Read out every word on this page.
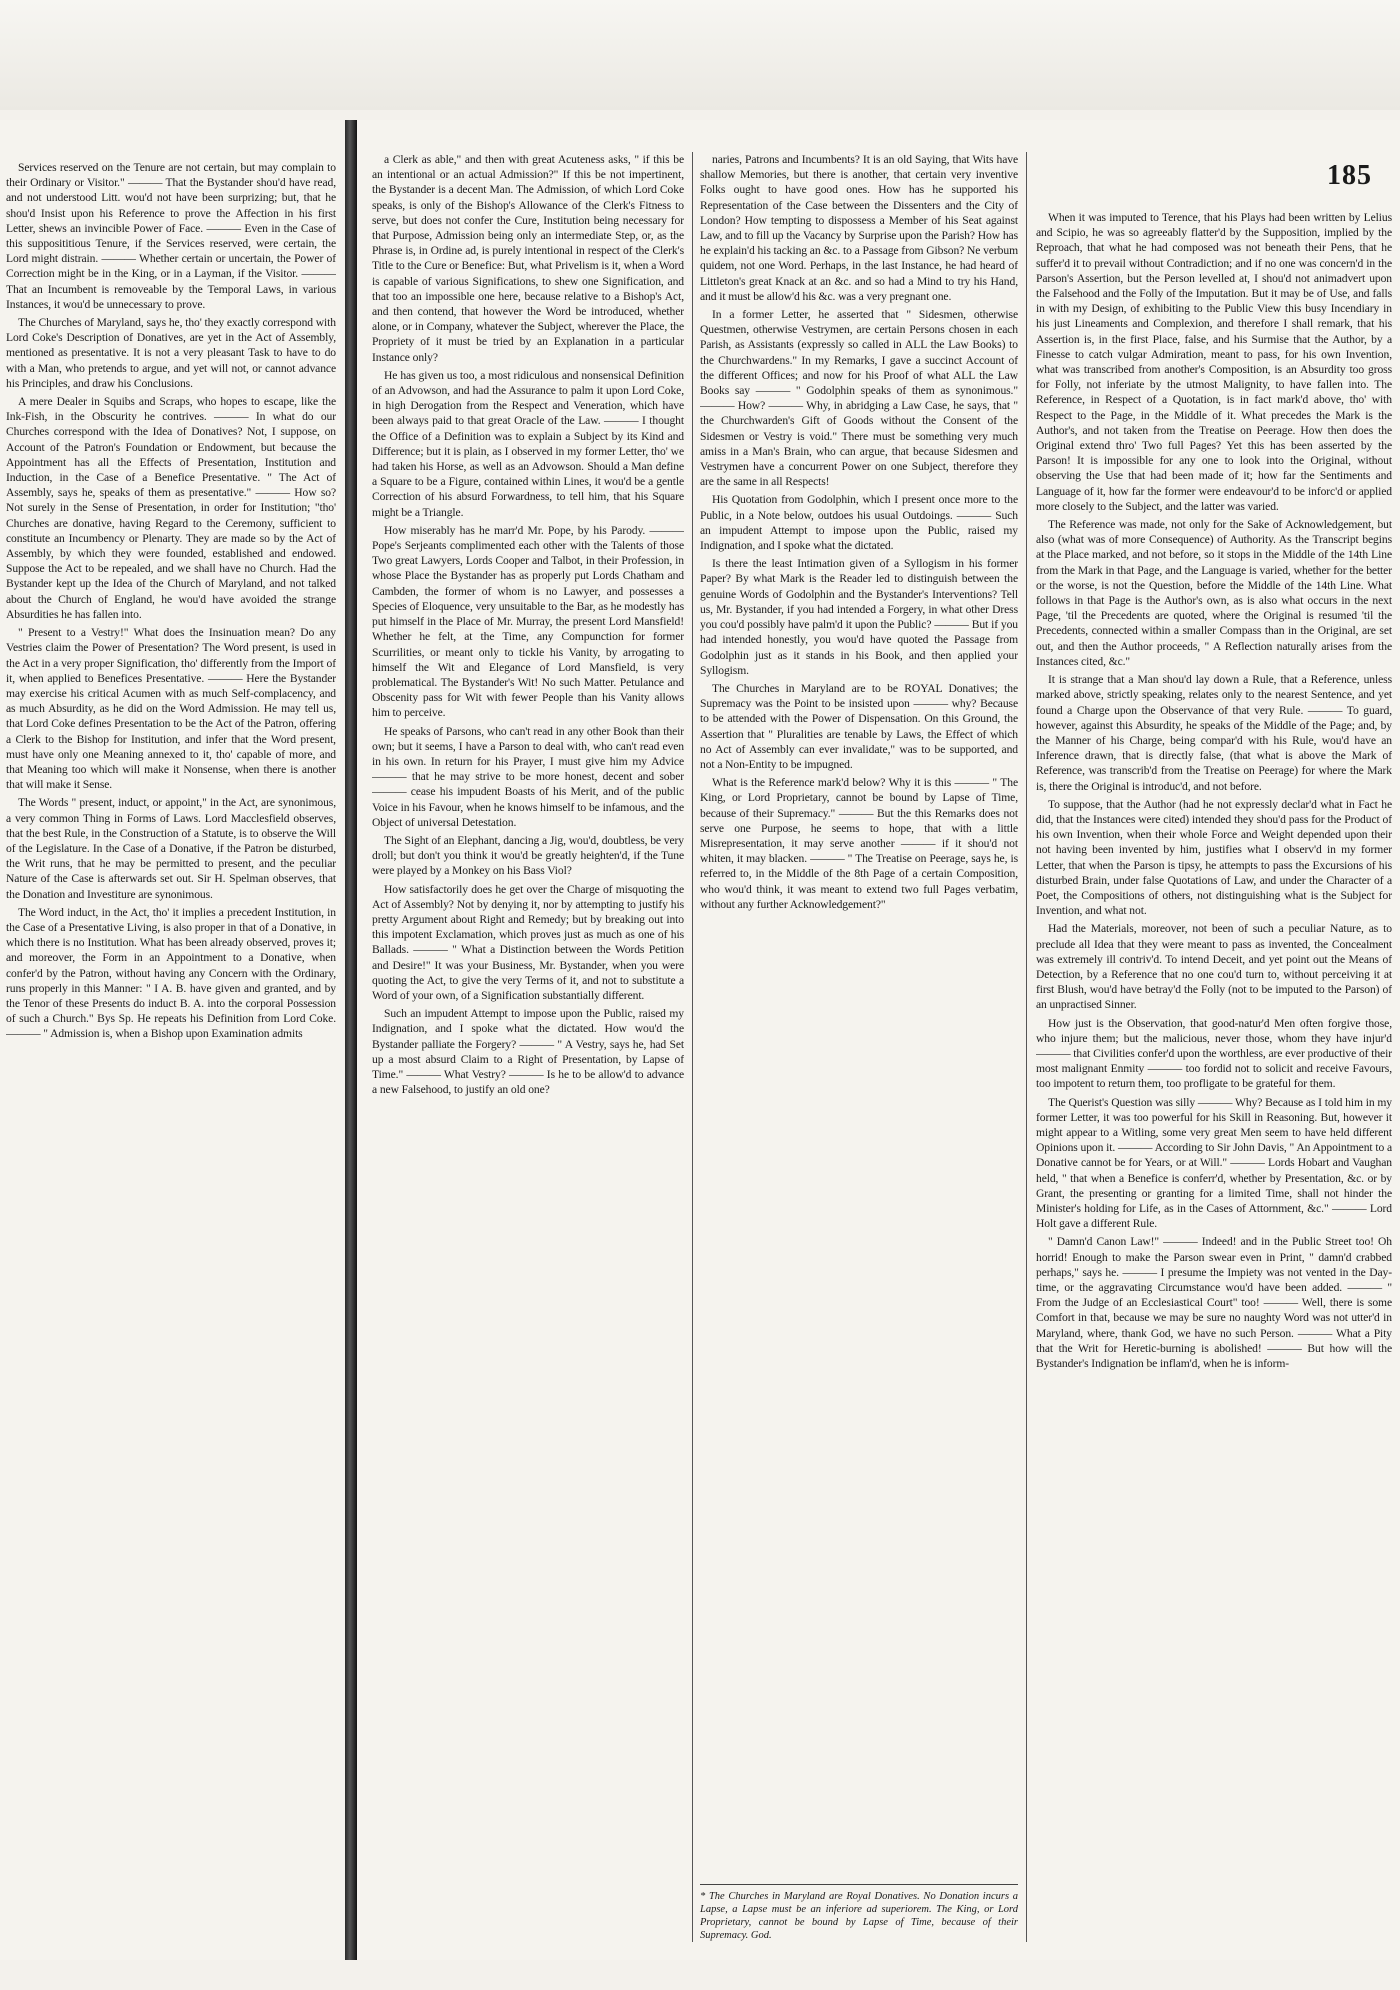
185

Services reserved on the Tenure are not certain, but may complain to their Ordinary or Visitor." ——— That the Bystander shou'd have read, and not understood Litt. wou'd not have been surprizing; but, that he shou'd Insist upon his Reference to prove the Affection in his first Letter, shews an invincible Power of Face. ——— Even in the Case of this supposititious Tenure, if the Services reserved, were certain, the Lord might distrain. ——— Whether certain or uncertain, the Power of Correction might be in the King, or in a Layman, if the Visitor. ——— That an Incumbent is removeable by the Temporal Laws, in various Instances, it wou'd be unnecessary to prove.

The Churches of Maryland, says he, tho' they exactly correspond with Lord Coke's Description of Donatives, are yet in the Act of Assembly, mentioned as presentative. It is not a very pleasant Task to have to do with a Man, who pretends to argue, and yet will not, or cannot advance his Principles, and draw his Conclusions.

A mere Dealer in Squibs and Scraps, who hopes to escape, like the Ink-Fish, in the Obscurity he contrives. ——— In what do our Churches correspond with the Idea of Donatives? Not, I suppose, on Account of the Patron's Foundation or Endowment, but because the Appointment has all the Effects of Presentation, Institution and Induction, in the Case of a Benefice Presentative. " The Act of Assembly, says he, speaks of them as presentative." ——— How so? Not surely in the Sense of Presentation, in order for Institution; "tho' Churches are donative, having Regard to the Ceremony, sufficient to constitute an Incumbency or Plenarty. They are made so by the Act of Assembly, by which they were founded, established and endowed. Suppose the Act to be repealed, and we shall have no Church. Had the Bystander kept up the Idea of the Church of Maryland, and not talked about the Church of England, he wou'd have avoided the strange Absurdities he has fallen into.

" Present to a Vestry!" What does the Insinuation mean? Do any Vestries claim the Power of Presentation? The Word present, is used in the Act in a very proper Signification, tho' differently from the Import of it, when applied to Benefices Presentative. ——— Here the Bystander may exercise his critical Acumen with as much Self-complacency, and as much Absurdity, as he did on the Word Admission. He may tell us, that Lord Coke defines Presentation to be the Act of the Patron, offering a Clerk to the Bishop for Institution, and infer that the Word present, must have only one Meaning annexed to it, tho' capable of more, and that Meaning too which will make it Nonsense, when there is another that will make it Sense.

The Words " present, induct, or appoint," in the Act, are synonimous, a very common Thing in Forms of Laws. Lord Macclesfield observes, that the best Rule, in the Construction of a Statute, is to observe the Will of the Legislature. In the Case of a Donative, if the Patron be disturbed, the Writ runs, that he may be permitted to present, and the peculiar Nature of the Case is afterwards set out. Sir H. Spelman observes, that the Donation and Investiture are synonimous.

The Word induct, in the Act, tho' it implies a precedent Institution, in the Case of a Presentative Living, is also proper in that of a Donative, in which there is no Institution. What has been already observed, proves it; and moreover, the Form in an Appointment to a Donative, when confer'd by the Patron, without having any Concern with the Ordinary, runs properly in this Manner: " I A. B. have given and granted, and by the Tenor of these Presents do induct B. A. into the corporal Possession of such a Church." Bys Sp. He repeats his Definition from Lord Coke. ——— " Admission is, when a Bishop upon Examination admits

a Clerk as able," and then with great Acuteness asks, " if this be an intentional or an actual Admission?" If this be not impertinent, the Bystander is a decent Man. The Admission, of which Lord Coke speaks, is only of the Bishop's Allowance of the Clerk's Fitness to serve, but does not confer the Cure, Institution being necessary for that Purpose, Admission being only an intermediate Step, or, as the Phrase is, in Ordine ad, is purely intentional in respect of the Clerk's Title to the Cure or Benefice: But, what Privelism is it, when a Word is capable of various Significations, to shew one Signification, and that too an impossible one here, because relative to a Bishop's Act, and then contend, that however the Word be introduced, whether alone, or in Company, whatever the Subject, wherever the Place, the Propriety of it must be tried by an Explanation in a particular Instance only?

He has given us too, a most ridiculous and nonsensical Definition of an Advowson, and had the Assurance to palm it upon Lord Coke, in high Derogation from the Respect and Veneration, which have been always paid to that great Oracle of the Law. ——— I thought the Office of a Definition was to explain a Subject by its Kind and Difference; but it is plain, as I observed in my former Letter, tho' we had taken his Horse, as well as an Advowson. Should a Man define a Square to be a Figure, contained within Lines, it wou'd be a gentle Correction of his absurd Forwardness, to tell him, that his Square might be a Triangle.

How miserably has he marr'd Mr. Pope, by his Parody. ——— Pope's Serjeants complimented each other with the Talents of those Two great Lawyers, Lords Cooper and Talbot, in their Profession, in whose Place the Bystander has as properly put Lords Chatham and Cambden, the former of whom is no Lawyer, and possesses a Species of Eloquence, very unsuitable to the Bar, as he modestly has put himself in the Place of Mr. Murray, the present Lord Mansfield! Whether he felt, at the Time, any Compunction for former Scurrilities, or meant only to tickle his Vanity, by arrogating to himself the Wit and Elegance of Lord Mansfield, is very problematical. The Bystander's Wit! No such Matter. Petulance and Obscenity pass for Wit with fewer People than his Vanity allows him to perceive.

He speaks of Parsons, who can't read in any other Book than their own; but it seems, I have a Parson to deal with, who can't read even in his own. In return for his Prayer, I must give him my Advice ——— that he may strive to be more honest, decent and sober ——— cease his impudent Boasts of his Merit, and of the public Voice in his Favour, when he knows himself to be infamous, and the Object of universal Detestation.

The Sight of an Elephant, dancing a Jig, wou'd, doubtless, be very droll; but don't you think it wou'd be greatly heighten'd, if the Tune were played by a Monkey on his Bass Viol?

How satisfactorily does he get over the Charge of misquoting the Act of Assembly? Not by denying it, nor by attempting to justify his pretty Argument about Right and Remedy; but by breaking out into this impotent Exclamation, which proves just as much as one of his Ballads. ——— " What a Distinction between the Words Petition and Desire!" It was your Business, Mr. Bystander, when you were quoting the Act, to give the very Terms of it, and not to substitute a Word of your own, of a Signification substantially different.

Such an impudent Attempt to impose upon the Public, raised my Indignation, and I spoke what the dictated. How wou'd the Bystander palliate the Forgery? ——— " A Vestry, says he, had Set up a most absurd Claim to a Right of Presentation, by Lapse of Time." ——— What Vestry? ——— Is he to be allow'd to advance a new Falsehood, to justify an old one?

naries, Patrons and Incumbents? It is an old Saying, that Wits have shallow Memories, but there is another, that certain very inventive Folks ought to have good ones. How has he supported his Representation of the Case between the Dissenters and the City of London? How tempting to dispossess a Member of his Seat against Law, and to fill up the Vacancy by Surprise upon the Parish? How has he explain'd his tacking an &c. to a Passage from Gibson? Ne verbum quidem, not one Word. Perhaps, in the last Instance, he had heard of Littleton's great Knack at an &c. and so had a Mind to try his Hand, and it must be allow'd his &c. was a very pregnant one.

In a former Letter, he asserted that " Sidesmen, otherwise Questmen, otherwise Vestrymen, are certain Persons chosen in each Parish, as Assistants (expressly so called in ALL the Law Books) to the Churchwardens." In my Remarks, I gave a succinct Account of the different Offices; and now for his Proof of what ALL the Law Books say ——— " Godolphin speaks of them as synonimous." ——— How? ——— Why, in abridging a Law Case, he says, that " the Churchwarden's Gift of Goods without the Consent of the Sidesmen or Vestry is void." There must be something very much amiss in a Man's Brain, who can argue, that because Sidesmen and Vestrymen have a concurrent Power on one Subject, therefore they are the same in all Respects!

His Quotation from Godolphin, which I present once more to the Public, in a Note below, outdoes his usual Outdoings. ——— Such an impudent Attempt to impose upon the Public, raised my Indignation, and I spoke what the dictated.

Is there the least Intimation given of a Syllogism in his former Paper? By what Mark is the Reader led to distinguish between the genuine Words of Godolphin and the Bystander's Interventions? Tell us, Mr. Bystander, if you had intended a Forgery, in what other Dress you cou'd possibly have palm'd it upon the Public? ——— But if you had intended honestly, you wou'd have quoted the Passage from Godolphin just as it stands in his Book, and then applied your Syllogism.

The Churches in Maryland are to be ROYAL Donatives; the Supremacy was the Point to be insisted upon ——— why? Because to be attended with the Power of Dispensation. On this Ground, the Assertion that " Pluralities are tenable by Laws, the Effect of which no Act of Assembly can ever invalidate," was to be supported, and not a Non-Entity to be impugned.

What is the Reference mark'd below? Why it is this ——— " The King, or Lord Proprietary, cannot be bound by Lapse of Time, because of their Supremacy." ——— But the this Remarks does not serve one Purpose, he seems to hope, that with a little Misrepresentation, it may serve another ——— if it shou'd not whiten, it may blacken. ——— " The Treatise on Peerage, says he, is referred to, in the Middle of the 8th Page of a certain Composition, who wou'd think, it was meant to extend two full Pages verbatim, without any further Acknowledgement?"

* The Churches in Maryland are Royal Donatives. No Donation incurs a Lapse, a Lapse must be an inferiore ad superiorem. The King, or Lord Proprietary, cannot be bound by Lapse of Time, because of their Supremacy. God.

When it was imputed to Terence, that his Plays had been written by Lelius and Scipio, he was so agreeably flatter'd by the Supposition, implied by the Reproach, that what he had composed was not beneath their Pens, that he suffer'd it to prevail without Contradiction; and if no one was concern'd in the Parson's Assertion, but the Person levelled at, I shou'd not animadvert upon the Falsehood and the Folly of the Imputation. But it may be of Use, and falls in with my Design, of exhibiting to the Public View this busy Incendiary in his just Lineaments and Complexion, and therefore I shall remark, that his Assertion is, in the first Place, false, and his Surmise that the Author, by a Finesse to catch vulgar Admiration, meant to pass, for his own Invention, what was transcribed from another's Composition, is an Absurdity too gross for Folly, not inferiate by the utmost Malignity, to have fallen into. The Reference, in Respect of a Quotation, is in fact mark'd above, tho' with Respect to the Page, in the Middle of it. What precedes the Mark is the Author's, and not taken from the Treatise on Peerage. How then does the Original extend thro' Two full Pages? Yet this has been asserted by the Parson! It is impossible for any one to look into the Original, without observing the Use that had been made of it; how far the Sentiments and Language of it, how far the former were endeavour'd to be inforc'd or applied more closely to the Subject, and the latter was varied.

The Reference was made, not only for the Sake of Acknowledgement, but also (what was of more Consequence) of Authority. As the Transcript begins at the Place marked, and not before, so it stops in the Middle of the 14th Line from the Mark in that Page, and the Language is varied, whether for the better or the worse, is not the Question, before the Middle of the 14th Line. What follows in that Page is the Author's own, as is also what occurs in the next Page, 'til the Precedents are quoted, where the Original is resumed 'til the Precedents, connected within a smaller Compass than in the Original, are set out, and then the Author proceeds, " A Reflection naturally arises from the Instances cited, &c."

It is strange that a Man shou'd lay down a Rule, that a Reference, unless marked above, strictly speaking, relates only to the nearest Sentence, and yet found a Charge upon the Observance of that very Rule. ——— To guard, however, against this Absurdity, he speaks of the Middle of the Page; and, by the Manner of his Charge, being compar'd with his Rule, wou'd have an Inference drawn, that is directly false, (that what is above the Mark of Reference, was transcrib'd from the Treatise on Peerage) for where the Mark is, there the Original is introduc'd, and not before.

To suppose, that the Author (had he not expressly declar'd what in Fact he did, that the Instances were cited) intended they shou'd pass for the Product of his own Invention, when their whole Force and Weight depended upon their not having been invented by him, justifies what I observ'd in my former Letter, that when the Parson is tipsy, he attempts to pass the Excursions of his disturbed Brain, under false Quotations of Law, and under the Character of a Poet, the Compositions of others, not distinguishing what is the Subject for Invention, and what not.

Had the Materials, moreover, not been of such a peculiar Nature, as to preclude all Idea that they were meant to pass as invented, the Concealment was extremely ill contriv'd. To intend Deceit, and yet point out the Means of Detection, by a Reference that no one cou'd turn to, without perceiving it at first Blush, wou'd have betray'd the Folly (not to be imputed to the Parson) of an unpractised Sinner.

How just is the Observation, that good-natur'd Men often forgive those, who injure them; but the malicious, never those, whom they have injur'd ——— that Civilities confer'd upon the worthless, are ever productive of their most malignant Enmity ——— too fordid not to solicit and receive Favours, too impotent to return them, too profligate to be grateful for them.

The Querist's Question was silly ——— Why? Because as I told him in my former Letter, it was too powerful for his Skill in Reasoning. But, however it might appear to a Witling, some very great Men seem to have held different Opinions upon it. ——— According to Sir John Davis, " An Appointment to a Donative cannot be for Years, or at Will." ——— Lords Hobart and Vaughan held, " that when a Benefice is conferr'd, whether by Presentation, &c. or by Grant, the presenting or granting for a limited Time, shall not hinder the Minister's holding for Life, as in the Cases of Attornment, &c." ——— Lord Holt gave a different Rule.

" Damn'd Canon Law!" ——— Indeed! and in the Public Street too! Oh horrid! Enough to make the Parson swear even in Print, " damn'd crabbed perhaps," says he. ——— I presume the Impiety was not vented in the Day-time, or the aggravating Circumstance wou'd have been added. ——— " From the Judge of an Ecclesiastical Court" too! ——— Well, there is some Comfort in that, because we may be sure no naughty Word was not utter'd in Maryland, where, thank God, we have no such Person. ——— What a Pity that the Writ for Heretic-burning is abolished! ——— But how will the Bystander's Indignation be inflam'd, when he is inform-
